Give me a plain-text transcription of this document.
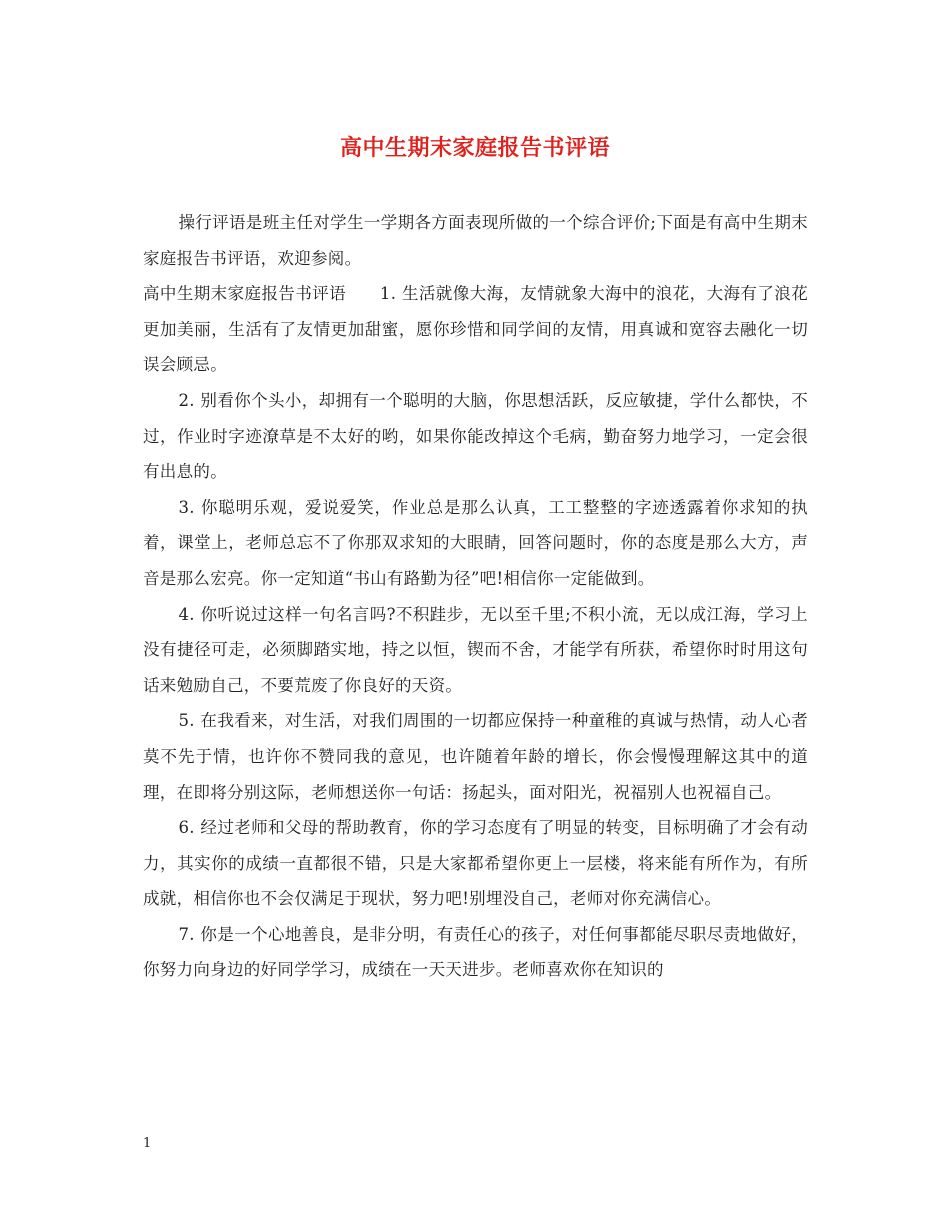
高中生期末家庭报告书评语

操行评语是班主任对学生一学期各方面表现所做的一个综合评价;下面是有高中生期末家庭报告书评语，欢迎参阅。

高中生期末家庭报告书评语　　1. 生活就像大海，友情就象大海中的浪花，大海有了浪花更加美丽，生活有了友情更加甜蜜，愿你珍惜和同学间的友情，用真诚和宽容去融化一切误会顾忌。

2. 别看你个头小，却拥有一个聪明的大脑，你思想活跃，反应敏捷，学什么都快，不过，作业时字迹潦草是不太好的哟，如果你能改掉这个毛病，勤奋努力地学习，一定会很有出息的。

3. 你聪明乐观，爱说爱笑，作业总是那么认真，工工整整的字迹透露着你求知的执着，课堂上，老师总忘不了你那双求知的大眼睛，回答问题时，你的态度是那么大方，声音是那么宏亮。你一定知道“书山有路勤为径”吧!相信你一定能做到。

4. 你听说过这样一句名言吗?不积跬步，无以至千里;不积小流，无以成江海，学习上没有捷径可走，必须脚踏实地，持之以恒，锲而不舍，才能学有所获，希望你时时用这句话来勉励自己，不要荒废了你良好的天资。

5. 在我看来，对生活，对我们周围的一切都应保持一种童稚的真诚与热情，动人心者莫不先于情，也许你不赞同我的意见，也许随着年龄的增长，你会慢慢理解这其中的道理，在即将分别这际，老师想送你一句话：扬起头，面对阳光，祝福别人也祝福自己。

6. 经过老师和父母的帮助教育，你的学习态度有了明显的转变，目标明确了才会有动力，其实你的成绩一直都很不错，只是大家都希望你更上一层楼，将来能有所作为，有所成就，相信你也不会仅满足于现状，努力吧!别埋没自己，老师对你充满信心。

7. 你是一个心地善良，是非分明，有责任心的孩子，对任何事都能尽职尽责地做好，你努力向身边的好同学学习，成绩在一天天进步。老师喜欢你在知识的

1
